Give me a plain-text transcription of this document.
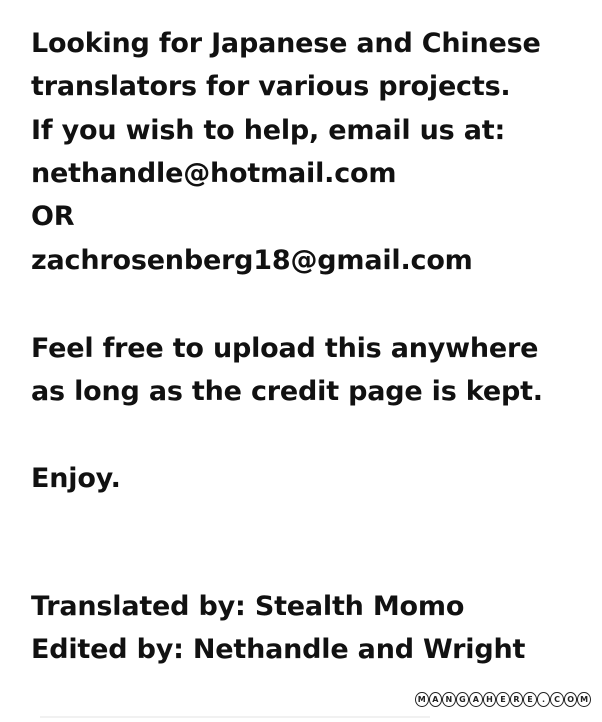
Looking for Japanese and Chinese

translators for various projects.

If you wish to help, email us at:

nethandle@hotmail.com

OR

zachrosenberg18@gmail.com

Feel free to upload this anywhere

as long as the credit page is kept.

Enjoy.

Translated by: Stealth Momo

Edited by: Nethandle and Wright

M A N G A H E R E	.	C O M
